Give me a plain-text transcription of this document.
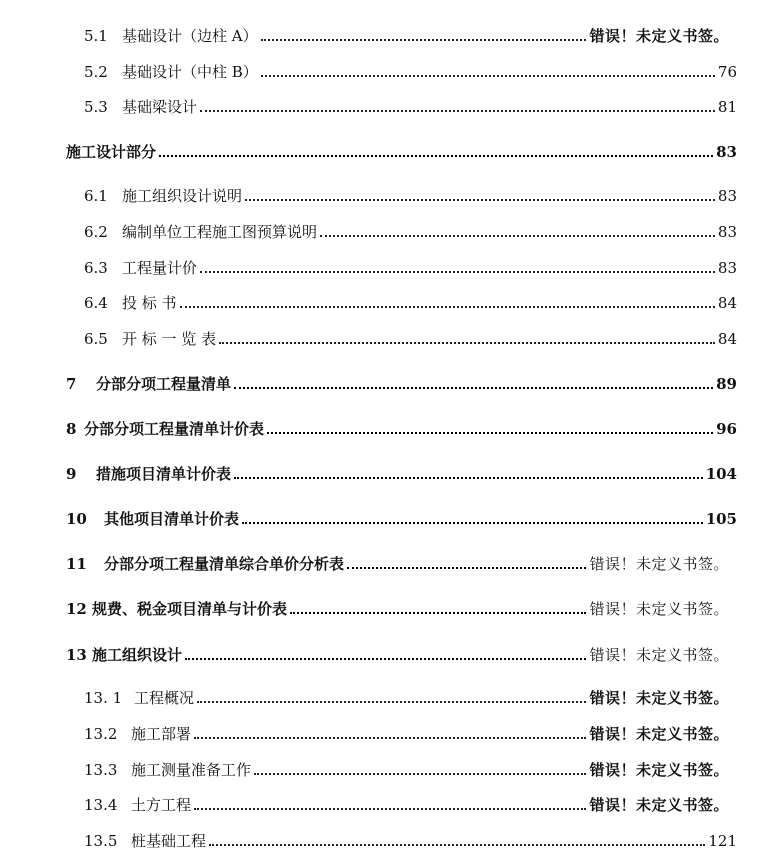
5.1 基础设计（边柱 A）	错误！未定义书签。
5.2 基础设计（中柱 B）	76
5.3 基础梁设计	81
施工设计部分	83
6.1 施工组织设计说明	83
6.2 编制单位工程施工图预算说明	83
6.3 工程量计价	83
6.4 投 标 书	84
6.5 开 标 一 览 表	84
7 分部分项工程量清单	89
8 分部分项工程量清单计价表	96
9 措施项目清单计价表	104
10 其他项目清单计价表	105
11 分部分项工程量清单综合单价分析表	错误！未定义书签。
12 规费、税金项目清单与计价表	错误！未定义书签。
13 施工组织设计	错误！未定义书签。
13. 1 工程概况	错误！未定义书签。
13.2 施工部署	错误！未定义书签。
13.3 施工测量准备工作	错误！未定义书签。
13.4 土方工程	错误！未定义书签。
13.5 桩基础工程	121
